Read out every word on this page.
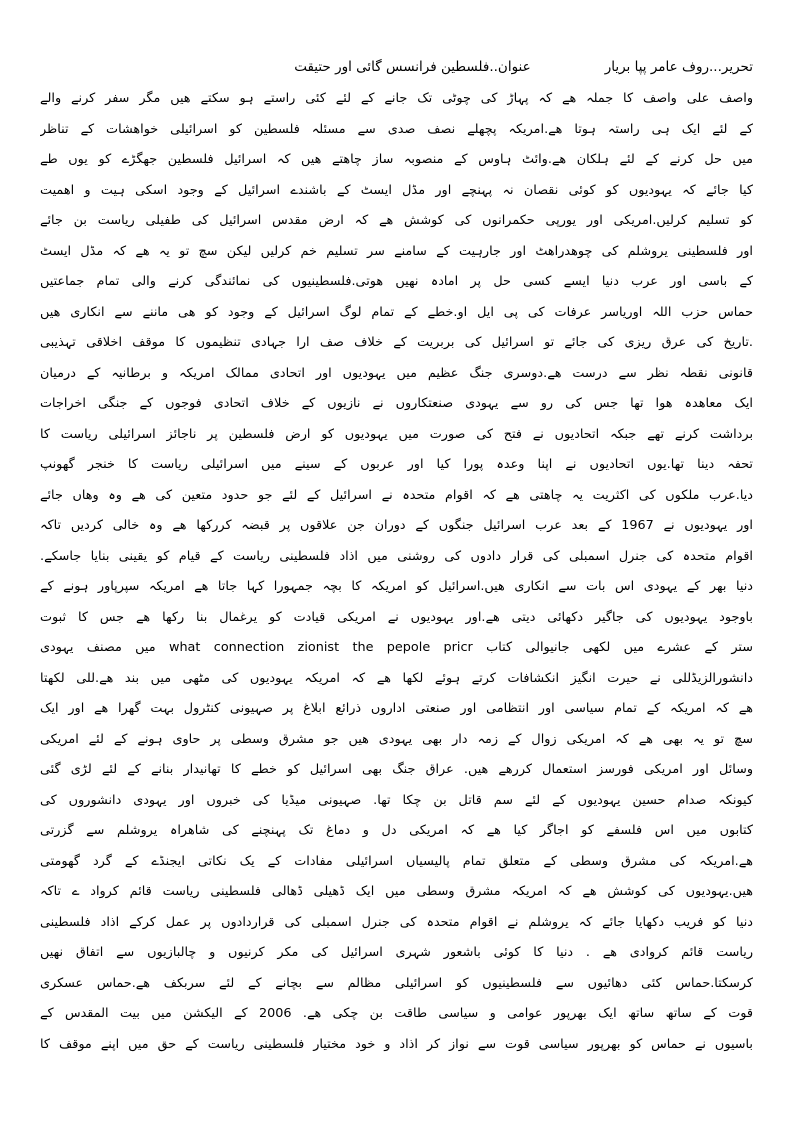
تحریر...روف عامر پپا بریار
عنوان..فلسطین فرانسس گائی اور حتیقت
واصف علی واصف کا جملہ ھے کہ پہاڑ کی چوٹی تک جانے کے لئے کئی راستے ہو سکتے ھیں مگر سفر کرنے والے
کے لئے ایک ہی راستہ ہوتا ھے.امریکہ پچھلے نصف صدی سے مسئلہ فلسطین کو اسرائیلی خواھشات کے تناظر
میں حل کرنے کے لئے ہلکان ھے.وائٹ ہاوس کے منصوبہ ساز چاھتے ھیں کہ اسرائیل فلسطین جھگڑے کو یوں طے
کیا جائے کہ یہودیوں کو کوئی نقصان نہ پہنچے اور مڈل ایسٹ کے باشندے اسرائیل کے وجود اسکی ہیت و اھمیت
کو تسلیم کرلیں.امریکی اور یورپی حکمرانوں کی کوشش ھے کہ ارض مقدس اسرائیل کی طفیلی ریاست بن جائے
اور فلسطینی یروشلم کی چوھدراھٹ اور جارہیت کے سامنے سر تسلیم خم کرلیں لیکن سچ تو یہ ھے کہ مڈل ایسٹ
کے باسی اور عرب دنیا ایسے کسی حل پر امادہ نھیں ھوتی.فلسطینیوں کی نمائندگی کرنے والی تمام جماعتیں
حماس حزب اللہ اوریاسر عرفات کی پی ایل او.خطے کے تمام لوگ اسرائیل کے وجود کو ھی ماننے سے انکاری ھیں
.تاریخ کی عرق ریزی کی جائے تو اسرائیل کی بربریت کے خلاف صف ارا جہادی تنظیموں کا موقف اخلاقی تہذیبی
قانونی نقطہ نظر سے درست ھے.دوسری جنگ عظیم میں یہودیوں اور اتحادی ممالک امریکہ و برطانیہ کے درمیان
ایک معاھدہ ھوا تھا جس کی رو سے یہودی صنعتکاروں نے نازیوں کے خلاف اتحادی فوجوں کے جنگی اخراجات
برداشت کرنے تھے جبکہ اتحادیوں نے فتح کی صورت میں یہودیوں کو ارض فلسطین پر ناجائز اسرائیلی ریاست کا
تحفہ دینا تھا.یوں اتحادیوں نے اپنا وعدہ پورا کیا اور عربوں کے سینے میں اسرائیلی ریاست کا خنجر گھونپ
دیا.عرب ملکوں کی اکثریت یہ چاھتی ھے کہ اقوام متحدہ نے اسرائیل کے لئے جو حدود متعین کی ھے وہ وھاں جائے
اور یہودیوں نے 1967 کے بعد عرب اسرائیل جنگوں کے دوران جن علاقوں پر قبضہ کررکھا ھے وہ خالی کردیں تاکہ
اقوام متحدہ کی جنرل اسمبلی کی قرار دادوں کی روشنی میں اذاد فلسطینی ریاست کے قیام کو یقینی بنایا جاسکے.
دنیا بھر کے یہودی اس بات سے انکاری ھیں.اسرائیل کو امریکہ کا بچہ جمہورا کہا جاتا ھے امریکہ سپرپاور ہونے کے
باوجود یہودیوں کی جاگیر دکھائی دیتی ھے.اور یہودیوں نے امریکی قیادت کو یرغمال بنا رکھا ھے جس کا ثبوت
ستر کے عشرے میں لکھی جانیوالی کتاب what connection zionist the pepole pricr میں مصنف یہودی
دانشورالزیڈللی نے حیرت انگیز انکشافات کرتے ہوئے لکھا ھے کہ امریکہ یہودیوں کی مٹھی میں بند ھے.للی لکھتا
ھے کہ امریکہ کے تمام سیاسی اور انتظامی اور صنعتی اداروں ذرائع ابلاغ پر صہیونی کنٹرول بہت گھرا ھے اور ایک
سچ تو یہ بھی ھے کہ امریکی زوال کے زمہ دار بھی یہودی ھیں جو مشرق وسطی پر حاوی ہونے کے لئے امریکی
وسائل اور امریکی فورسز استعمال کررھے ھیں. عراق جنگ بھی اسرائیل کو خطے کا تھانیدار بنانے کے لئے لڑی گئی
کیونکہ صدام حسین یہودیوں کے لئے سم قاتل بن چکا تھا. صہیونی میڈیا کی خبروں اور یہودی دانشوروں کی
کتابوں میں اس فلسفے کو اجاگر کیا ھے کہ امریکی دل و دماغ تک پہنچنے کی شاھراہ یروشلم سے گزرتی
ھے.امریکہ کی مشرق وسطی کے متعلق تمام پالیسیاں اسرائیلی مفادات کے یک نکاتی ایجنڈے کے گرد گھومتی
ھیں.یہودیوں کی کوشش ھے کہ امریکہ مشرق وسطی میں ایک ڈھیلی ڈھالی فلسطینی ریاست قائم کرواد ے تاکہ
دنیا کو فریب دکھایا جائے کہ یروشلم نے اقوام متحدہ کی جنرل اسمبلی کی قراردادوں پر عمل کرکے اذاد فلسطینی
ریاست قائم کروادی ھے . دنیا کا کوئی باشعور شہری اسرائیل کی مکر کرنیوں و چالبازیوں سے اتفاق نھیں
کرسکتا.حماس کئی دھائیوں سے فلسطینیوں کو اسرائیلی مظالم سے بچانے کے لئے سربکف ھے.حماس عسکری
قوت کے ساتھ ساتھ ایک بھرپور عوامی و سیاسی طاقت بن چکی ھے. 2006 کے الیکشن میں بیت المقدس کے
باسیوں نے حماس کو بھرپور سیاسی قوت سے نواز کر اذاد و خود مختیار فلسطینی ریاست کے حق میں اپنے موقف کا
